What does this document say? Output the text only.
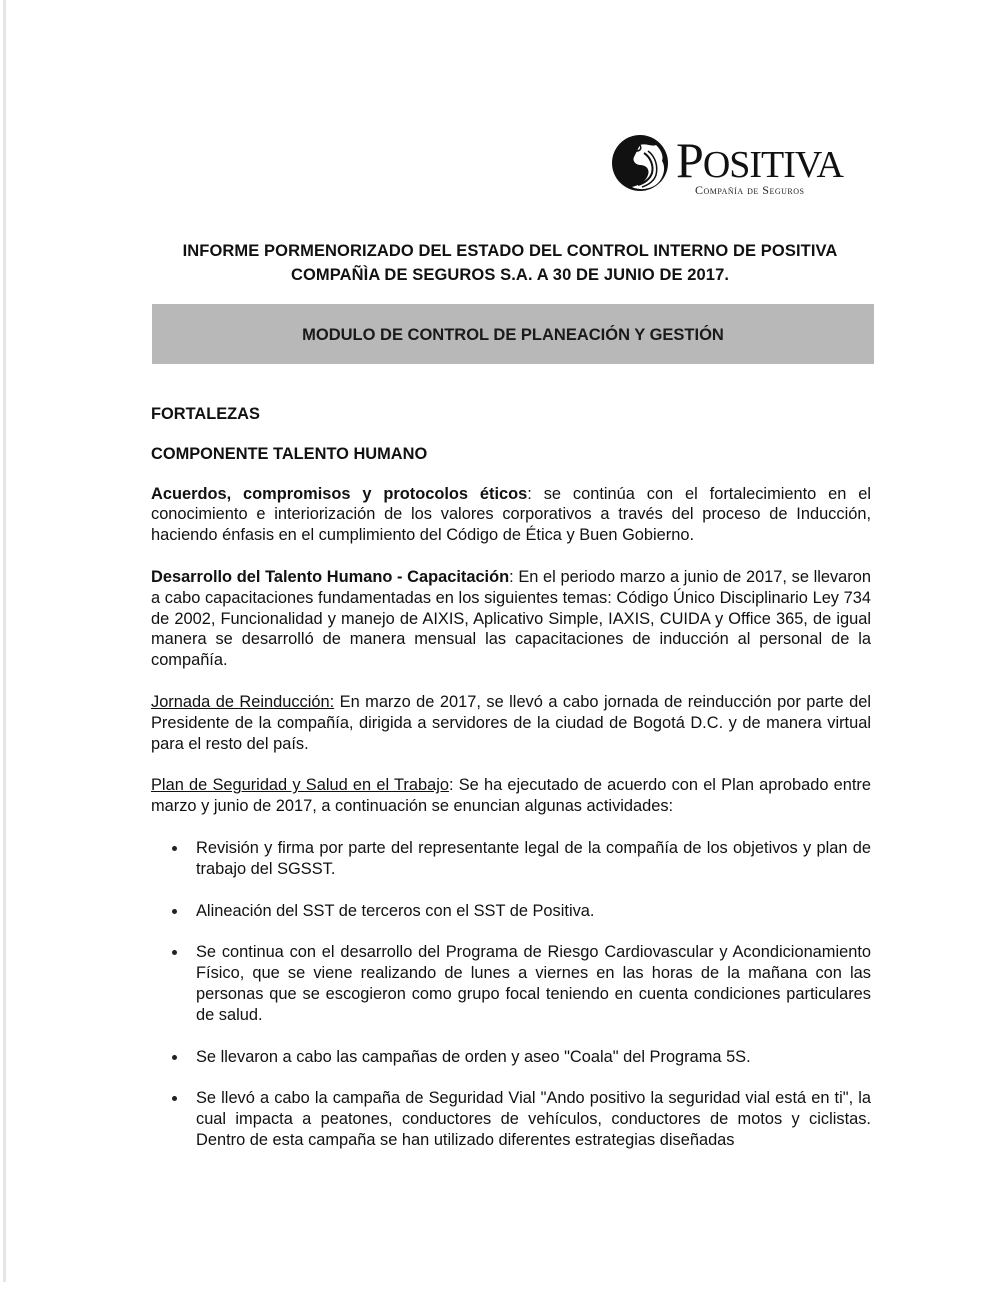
POSITIVA
Compañía de Seguros
INFORME PORMENORIZADO DEL ESTADO DEL CONTROL INTERNO DE POSITIVA
COMPAÑÌA DE SEGUROS S.A. A 30 DE JUNIO DE 2017.
MODULO DE CONTROL DE PLANEACIÓN Y GESTIÓN

FORTALEZAS

COMPONENTE TALENTO HUMANO

Acuerdos, compromisos y protocolos éticos: se continúa con el fortalecimiento en el conocimiento e interiorización de los valores corporativos a través del proceso de Inducción, haciendo énfasis en el cumplimiento del Código de Ética y Buen Gobierno.

Desarrollo del Talento Humano - Capacitación: En el periodo marzo a junio de 2017, se llevaron a cabo capacitaciones fundamentadas en los siguientes temas: Código Único Disciplinario Ley 734 de 2002, Funcionalidad y manejo de AIXIS, Aplicativo Simple, IAXIS, CUIDA y Office 365, de igual manera se desarrolló de manera mensual las capacitaciones de inducción al personal de la compañía.

Jornada de Reinducción: En marzo de 2017, se llevó a cabo jornada de reinducción por parte del Presidente de la compañía, dirigida a servidores de la ciudad de Bogotá D.C. y de manera virtual para el resto del país.

Plan de Seguridad y Salud en el Trabajo: Se ha ejecutado de acuerdo con el Plan aprobado entre marzo y junio de 2017, a continuación se enuncian algunas actividades:

Revisión y firma por parte del representante legal de la compañía de los objetivos y plan de trabajo del SGSST.
Alineación del SST de terceros con el SST de Positiva.
Se continua con el desarrollo del Programa de Riesgo Cardiovascular y Acondicionamiento Físico, que se viene realizando de lunes a viernes en las horas de la mañana con las personas que se escogieron como grupo focal teniendo en cuenta condiciones particulares de salud.
Se llevaron a cabo las campañas de orden y aseo "Coala" del Programa 5S.
Se llevó a cabo la campaña de Seguridad Vial "Ando positivo la seguridad vial está en ti", la cual impacta a peatones, conductores de vehículos, conductores de motos y ciclistas. Dentro de esta campaña se han utilizado diferentes estrategias diseñadas
